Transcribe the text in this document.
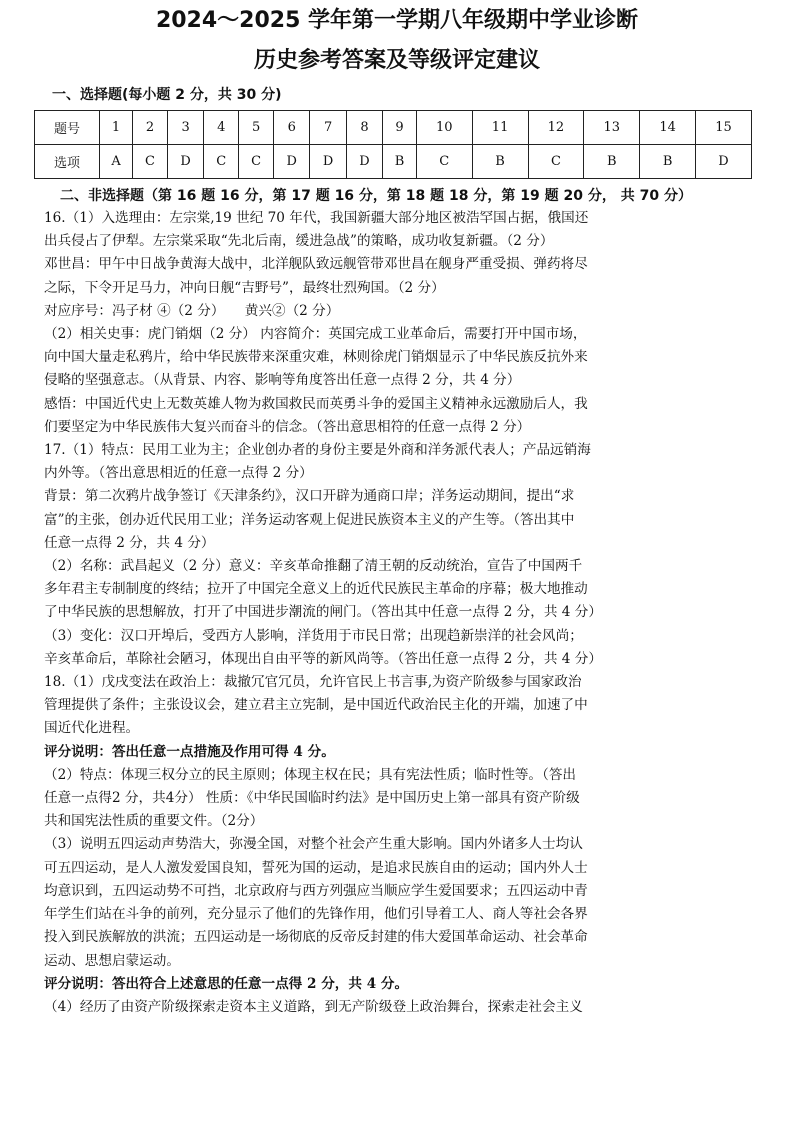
2024～2025 学年第一学期八年级期中学业诊断
历史参考答案及等级评定建议
一、选择题(每小题 2 分，共 30 分)
题号	1	2	3	4	5	6	7	8	9	10	11	12	13	14	15
选项	A	C	D	C	C	D	D	D	B	C	B	C	B	B	D
二、非选择题（第 16 题 16 分，第 17 题 16 分，第 18 题 18 分，第 19 题 20 分， 共 70 分）

16.（1）入选理由：左宗棠,19 世纪 70 年代，我国新疆大部分地区被浩罕国占据，俄国还

出兵侵占了伊犁。左宗棠采取“先北后南，缓进急战”的策略，成功收复新疆。（2 分）

邓世昌：甲午中日战争黄海大战中，北洋舰队致远舰管带邓世昌在舰身严重受损、弹药将尽

之际，下令开足马力，冲向日舰“吉野号”，最终壮烈殉国。（2 分）

对应序号：冯子材 ④（2 分）　　黄兴②（2 分）

（2）相关史事：虎门销烟（2 分） 内容简介：英国完成工业革命后，需要打开中国市场，

向中国大量走私鸦片，给中华民族带来深重灾难，林则徐虎门销烟显示了中华民族反抗外来

侵略的坚强意志。（从背景、内容、影响等角度答出任意一点得 2 分，共 4 分）

感悟：中国近代史上无数英雄人物为救国救民而英勇斗争的爱国主义精神永远激励后人，我

们要坚定为中华民族伟大复兴而奋斗的信念。（答出意思相符的任意一点得 2 分）

17.（1）特点：民用工业为主；企业创办者的身份主要是外商和洋务派代表人；产品远销海

内外等。（答出意思相近的任意一点得 2 分）

背景：第二次鸦片战争签订《天津条约》，汉口开辟为通商口岸；洋务运动期间，提出“求

富”的主张，创办近代民用工业；洋务运动客观上促进民族资本主义的产生等。（答出其中

任意一点得 2 分，共 4 分）

（2）名称：武昌起义（2 分）意义：辛亥革命推翻了清王朝的反动统治，宣告了中国两千

多年君主专制制度的终结；拉开了中国完全意义上的近代民族民主革命的序幕；极大地推动

了中华民族的思想解放，打开了中国进步潮流的闸门。（答出其中任意一点得 2 分，共 4 分）

（3）变化：汉口开埠后，受西方人影响，洋货用于市民日常；出现趋新崇洋的社会风尚；

辛亥革命后，革除社会陋习，体现出自由平等的新风尚等。（答出任意一点得 2 分，共 4 分）

18.（1）戊戌变法在政治上：裁撤冗官冗员，允许官民上书言事,为资产阶级参与国家政治

管理提供了条件；主张设议会，建立君主立宪制，是中国近代政治民主化的开端，加速了中

国近代化进程。

评分说明：答出任意一点措施及作用可得 4 分。

（2）特点：体现三权分立的民主原则；体现主权在民；具有宪法性质；临时性等。（答出

任意一点得2 分，共4分） 性质：《中华民国临时约法》是中国历史上第一部具有资产阶级

共和国宪法性质的重要文件。（2分）

（3）说明五四运动声势浩大，弥漫全国，对整个社会产生重大影响。国内外诸多人士均认

可五四运动，是人人激发爱国良知，誓死为国的运动，是追求民族自由的运动；国内外人士

均意识到，五四运动势不可挡，北京政府与西方列强应当顺应学生爱国要求；五四运动中青

年学生们站在斗争的前列，充分显示了他们的先锋作用，他们引导着工人、商人等社会各界

投入到民族解放的洪流；五四运动是一场彻底的反帝反封建的伟大爱国革命运动、社会革命

运动、思想启蒙运动。

评分说明：答出符合上述意思的任意一点得 2 分，共 4 分。

（4）经历了由资产阶级探索走资本主义道路，到无产阶级登上政治舞台，探索走社会主义
